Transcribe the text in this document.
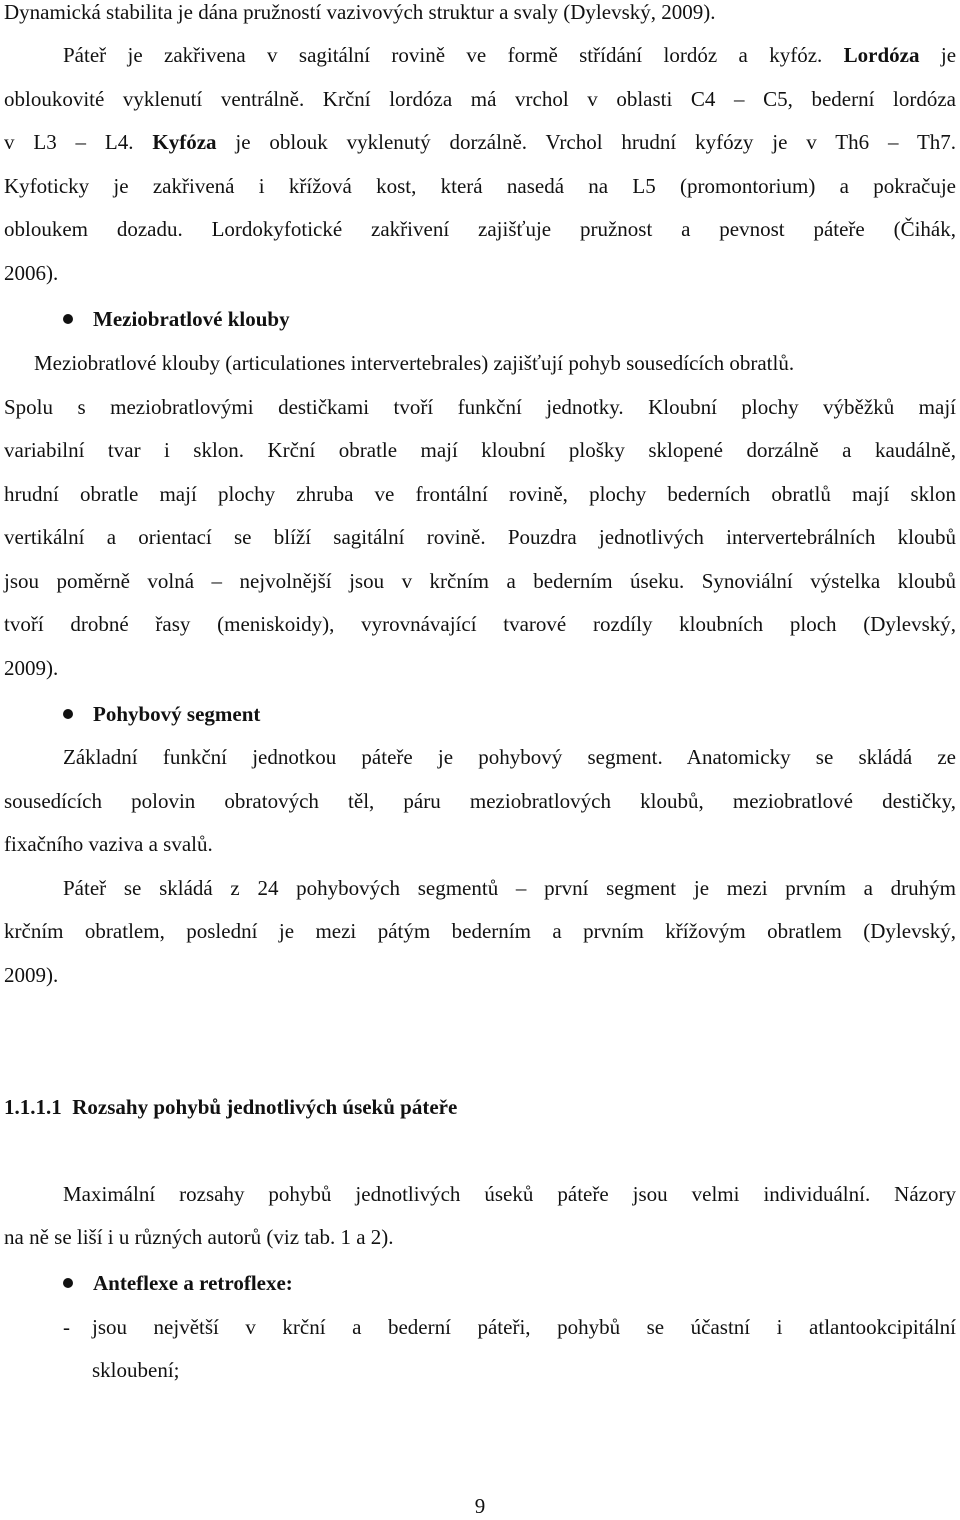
Dynamická stabilita je dána pružností vazivových struktur a svaly (Dylevský, 2009).
Páteř je zakřivena v sagitální rovině ve formě střídání lordóz a kyfóz. Lordóza je
obloukovité vyklenutí ventrálně. Krční lordóza má vrchol v oblasti C4 – C5, bederní lordóza
v L3 – L4. Kyfóza je oblouk vyklenutý dorzálně. Vrchol hrudní kyfózy je v Th6 – Th7.
Kyfoticky je zakřivená i křížová kost, která nasedá na L5 (promontorium) a pokračuje
obloukem dozadu. Lordokyfotické zakřivení zajišťuje pružnost a pevnost páteře (Čihák,
2006).
Meziobratlové klouby
Meziobratlové klouby (articulationes intervertebrales) zajišťují pohyb sousedících obratlů.
Spolu s meziobratlovými destičkami tvoří funkční jednotky. Kloubní plochy výběžků mají
variabilní tvar i sklon. Krční obratle mají kloubní plošky sklopené dorzálně a kaudálně,
hrudní obratle mají plochy zhruba ve frontální rovině, plochy bederních obratlů mají sklon
vertikální a orientací se blíží sagitální rovině. Pouzdra jednotlivých intervertebrálních kloubů
jsou poměrně volná – nejvolnější jsou v krčním a bederním úseku. Synoviální výstelka kloubů
tvoří drobné řasy (meniskoidy), vyrovnávající tvarové rozdíly kloubních ploch (Dylevský,
2009).
Pohybový segment
Základní funkční jednotkou páteře je pohybový segment. Anatomicky se skládá ze
sousedících polovin obratových těl, páru meziobratlových kloubů, meziobratlové destičky,
fixačního vaziva a svalů.
Páteř se skládá z 24 pohybových segmentů – první segment je mezi prvním a druhým
krčním obratlem, poslední je mezi pátým bederním a prvním křížovým obratlem (Dylevský,
2009).
1.1.1.1  Rozsahy pohybů jednotlivých úseků páteře
Maximální rozsahy pohybů jednotlivých úseků páteře jsou velmi individuální. Názory
na ně se liší i u různých autorů (viz tab. 1 a 2).
Anteflexe a retroflexe:
- jsou největší v krční a bederní páteři, pohybů se účastní i atlantookcipitální
skloubení;
9
